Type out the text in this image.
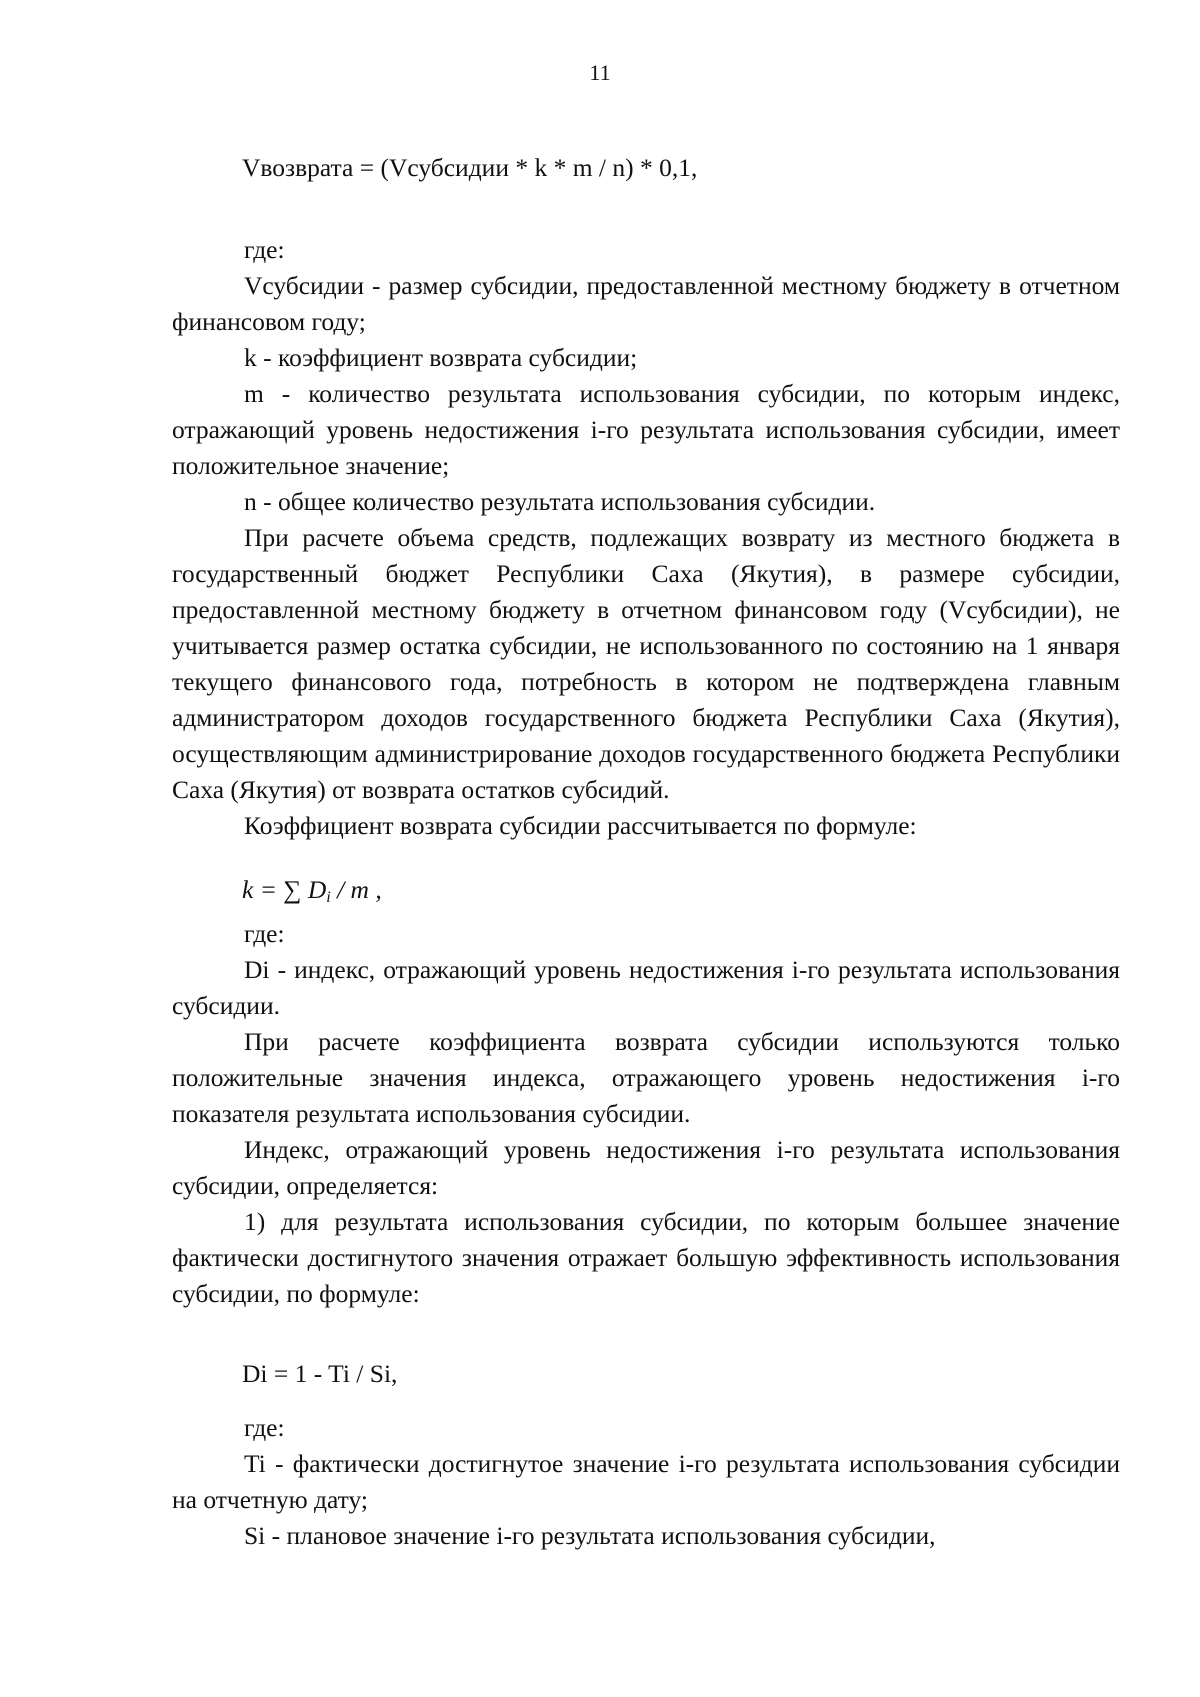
11

Vвозврата = (Vсубсидии * k * m / n) * 0,1,

где:

Vсубсидии - размер субсидии, предоставленной местному бюджету в отчетном финансовом году;

k - коэффициент возврата субсидии;

m - количество результата использования субсидии, по которым индекс, отражающий уровень недостижения i-го результата использования субсидии, имеет положительное значение;

n - общее количество результата использования субсидии.

При расчете объема средств, подлежащих возврату из местного бюджета в государственный бюджет Республики Саха (Якутия), в размере субсидии, предоставленной местному бюджету в отчетном финансовом году (Vсубсидии), не учитывается размер остатка субсидии, не использованного по состоянию на 1 января текущего финансового года, потребность в котором не подтверждена главным администратором доходов государственного бюджета Республики Саха (Якутия), осуществляющим администрирование доходов государственного бюджета Республики Саха (Якутия) от возврата остатков субсидий.

Коэффициент возврата субсидии рассчитывается по формуле:

k = ∑ $D_i$ / m ,

где:

Di - индекс, отражающий уровень недостижения i-го результата использования субсидии.

При расчете коэффициента возврата субсидии используются только положительные значения индекса, отражающего уровень недостижения i-го показателя результата использования субсидии.

Индекс, отражающий уровень недостижения i-го результата использования субсидии, определяется:

1) для результата использования субсидии, по которым большее значение фактически достигнутого значения отражает большую эффективность использования субсидии, по формуле:

Di = 1 - Ti / Si,

где:

Ti - фактически достигнутое значение i-го результата использования субсидии на отчетную дату;

Si - плановое значение i-го результата использования субсидии,
